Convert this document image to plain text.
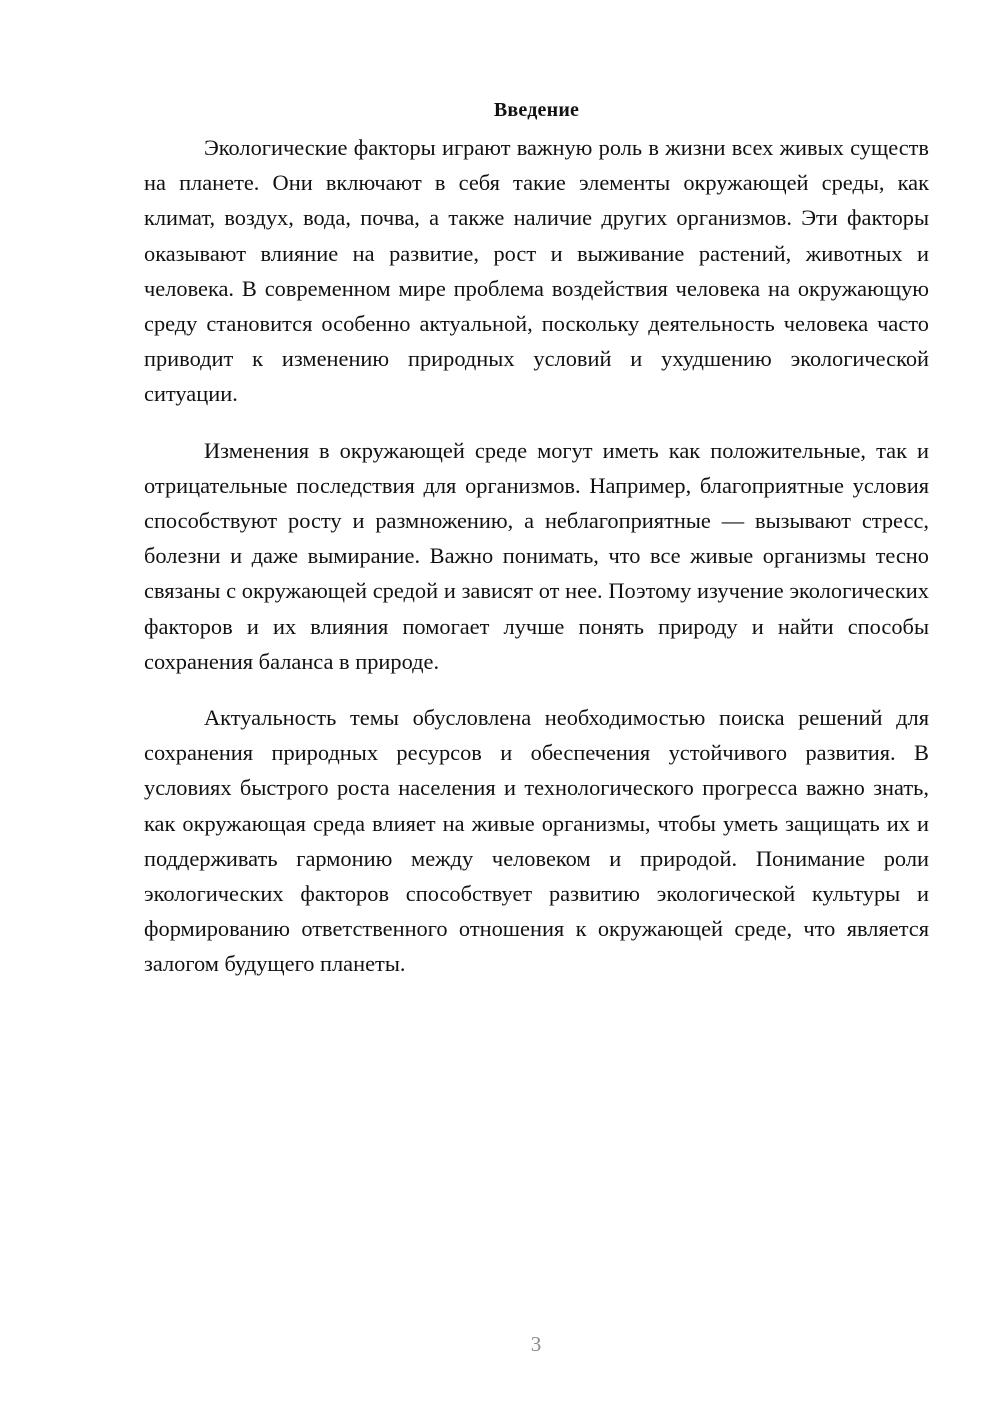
Введение

Экологические факторы играют важную роль в жизни всех живых существ на планете. Они включают в себя такие элементы окружающей среды, как климат, воздух, вода, почва, а также наличие других организмов. Эти факторы оказывают влияние на развитие, рост и выживание растений, животных и человека. В современном мире проблема воздействия человека на окружающую среду становится особенно актуальной, поскольку деятельность человека часто приводит к изменению природных условий и ухудшению экологической ситуации.

Изменения в окружающей среде могут иметь как положительные, так и отрицательные последствия для организмов. Например, благоприятные условия способствуют росту и размножению, а неблагоприятные — вызывают стресс, болезни и даже вымирание. Важно понимать, что все живые организмы тесно связаны с окружающей средой и зависят от нее. Поэтому изучение экологических факторов и их влияния помогает лучше понять природу и найти способы сохранения баланса в природе.

Актуальность темы обусловлена необходимостью поиска решений для сохранения природных ресурсов и обеспечения устойчивого развития. В условиях быстрого роста населения и технологического прогресса важно знать, как окружающая среда влияет на живые организмы, чтобы уметь защищать их и поддерживать гармонию между человеком и природой. Понимание роли экологических факторов способствует развитию экологической культуры и формированию ответственного отношения к окружающей среде, что является залогом будущего планеты.

3
